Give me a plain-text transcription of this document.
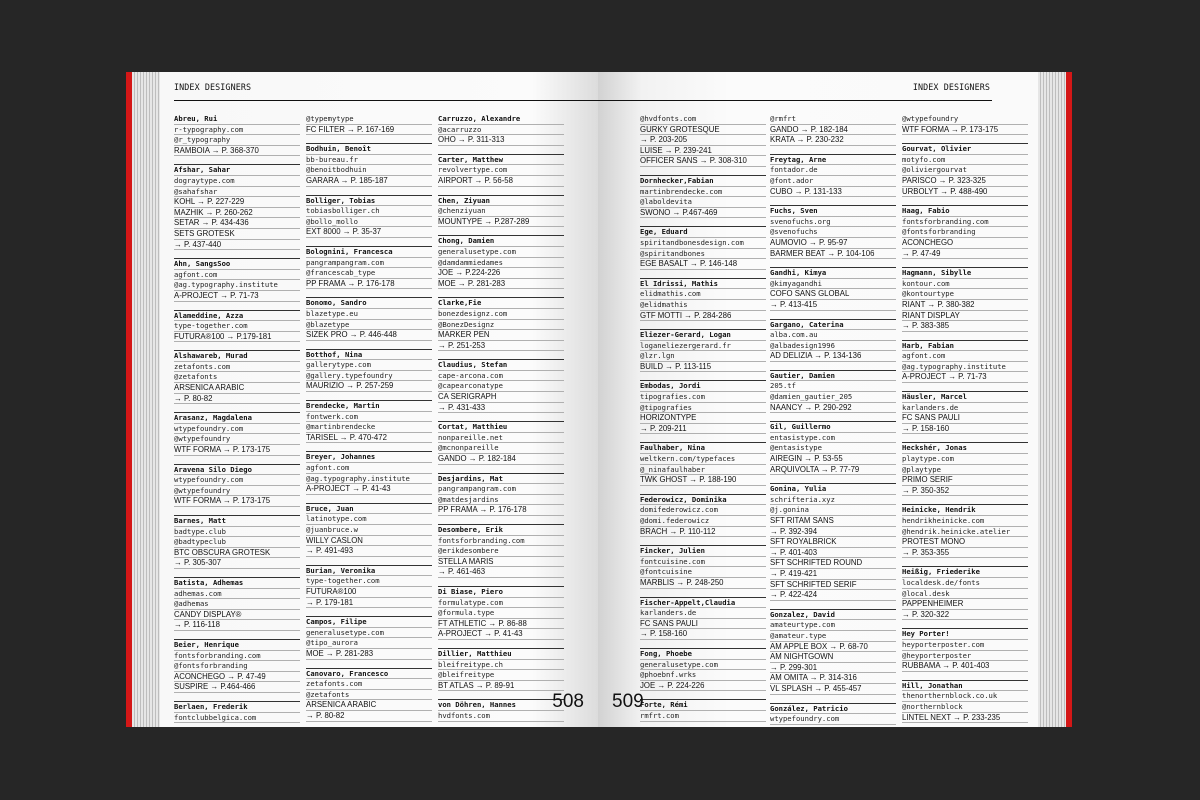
INDEX DESIGNERS
Abreu, Rui
r-typography.com
@r_typography
RAMBOIA → P. 368-370
Afshar, Sahar
dograytype.com
@sahafshar
KOHL → P. 227-229
MAZHIK → P. 260-262
SETAR → P. 434-436
SETS GROTESK
→ P. 437-440
Ahn, SangsSoo
agfont.com
@ag.typography.institute
A-PROJECT → P. 71-73
Alameddine, Azza
type-together.com
FUTURA®100 → P.179-181
Alshawareb, Murad
zetafonts.com
@zetafonts
ARSENICA ARABIC
→ P. 80-82
Arasanz, Magdalena
wtypefoundry.com
@wtypefoundry
WTF FORMA → P. 173-175
Aravena Silo Diego
wtypefoundry.com
@wtypefoundry
WTF FORMA → P. 173-175
Barnes, Matt
badtype.club
@badtypeclub
BTC OBSCURA GROTESK
→ P. 305-307
Batista, Adhemas
adhemas.com
@adhemas
CANDY DISPLAY®
→ P. 116-118
Beier, Henrique
fontsforbranding.com
@fontsforbranding
ACONCHEGO → P. 47-49
SUSPIRE → P.464-466
Berlaen, Frederik
fontclubbelgica.com
@typemytype
FC FILTER → P. 167-169
Bodhuin, Benoît
bb-bureau.fr
@benoitbodhuin
GARARA → P. 185-187
Bolliger, Tobias
tobiasbolliger.ch
@bollo_mollo
EXT 8000 → P. 35-37
Bolognini, Francesca
pangrampangram.com
@francescab_type
PP FRAMA → P. 176-178
Bonomo, Sandro
blazetype.eu
@blazetype
SIZEK PRO → P. 446-448
Botthof, Nina
gallerytype.com
@gallery.typefoundry
MAURIZIO → P. 257-259
Brendecke, Martin
fontwerk.com
@martinbrendecke
TARISEL → P. 470-472
Breyer, Johannes
agfont.com
@ag.typography.institute
A-PROJECT → P. 41-43
Bruce, Juan
latinotype.com
@juanbruce.w
WILLY CASLON
→ P. 491-493
Burian, Veronika
type-together.com
FUTURA®100
→ P. 179-181
Campos, Filipe
generalusetype.com
@tipo_aurora
MOE → P. 281-283
Canovaro, Francesco
zetafonts.com
@zetafonts
ARSENICA ARABIC
→ P. 80-82
Carruzzo, Alexandre
@acarruzzo
OHO → P. 311-313
Carter, Matthew
revolvertype.com
AIRPORT → P. 56-58
Chen, Ziyuan
@chenziyuan
MOUNTYPE → P.287-289
Chong, Damien
generalusetype.com
@damdammiedames
JOE → P.224-226
MOE → P. 281-283
Clarke,Fie
bonezdesignz.com
@BonezDesignz
MARKER PEN
→ P. 251-253
Claudius, Stefan
cape-arcona.com
@capearconatype
CA SERIGRAPH
→ P. 431-433
Cortat, Matthieu
nonpareille.net
@mcnonpareille
GANDO → P. 182-184
Desjardins, Mat
pangrampangram.com
@matdesjardins
PP FRAMA → P. 176-178
Desombere, Erik
fontsforbranding.com
@erikdesombere
STELLA MARIS
→ P. 461-463
Di Biase, Piero
formulatype.com
@formula.type
FT ATHLETIC → P. 86-88
A-PROJECT → P. 41-43
Dillier, Matthieu
bleifreitype.ch
@bleifreitype
BT ATLAS → P. 89-91
von Döhren, Hannes
hvdfonts.com
508
INDEX DESIGNERS
@hvdfonts.com
GURKY GROTESQUE
→ P. 203-205
LUISE → P. 239-241
OFFICER SANS → P. 308-310
Dornhecker,Fabian
martinbrendecke.com
@laboldevita
SWONO → P.467-469
Ege, Eduard
spiritandbonesdesign.com
@spiritandbones
EGE BASALT → P. 146-148
El Idrissi, Mathis
elidmathis.com
@elidmathis
GTF MOTTI → P. 284-286
Eliezer-Gerard, Logan
loganeliezergerard.fr
@lzr.lgn
BUILD → P. 113-115
Embodas, Jordi
tipografies.com
@tipografies
HORIZONTYPE
→ P. 209-211
Faulhaber, Nina
weltkern.com/typefaces
@_ninafaulhaber
TWK GHOST → P. 188-190
Federowicz, Dominika
domifederowicz.com
@domi.federowicz
BRACH → P. 110-112
Fincker, Julien
fontcuisine.com
@fontcuisine
MARBLIS → P. 248-250
Fischer-Appelt,Claudia
karlanders.de
FC SANS PAULI
→ P. 158-160
Fong, Phoebe
generalusetype.com
@phoebnf.wrks
JOE → P. 224-226
Forte, Rémi
rmfrt.com
@rmfrt
GANDO → P. 182-184
KRATA → P. 230-232
Freytag, Arne
fontador.de
@font.ador
CUBO → P. 131-133
Fuchs, Sven
svenofuchs.org
@svenofuchs
AUMOVIO → P. 95-97
BARMER BEAT → P. 104-106
Gandhi, Kimya
@kimyagandhi
COFO SANS GLOBAL
→ P. 413-415
Gargano, Caterina
alba.com.au
@albadesign1996
AD DELIZIA → P. 134-136
Gautier, Damien
205.tf
@damien_gautier_205
NAANCY → P. 290-292
Gil, Guillermo
entasistype.com
@entasistype
AIREGIN → P. 53-55
ARQUIVOLTA → P. 77-79
Gonina, Yulia
schrifteria.xyz
@j.gonina
SFT RITAM SANS
→ P. 392-394
SFT ROYALBRICK
→ P. 401-403
SFT SCHRIFTED ROUND
→ P. 419-421
SFT SCHRIFTED SERIF
→ P. 422-424
Gonzalez, David
amateurtype.com
@amateur.type
AM APPLE BOX → P. 68-70
AM NIGHTGOWN
→ P. 299-301
AM OMITA → P. 314-316
VL SPLASH → P. 455-457
González, Patricio
wtypefoundry.com
@wtypefoundry
WTF FORMA → P. 173-175
Gourvat, Olivier
motyfo.com
@oliviergourvat
PARISCO → P. 323-325
URBOLYT → P. 488-490
Haag, Fabio
fontsforbranding.com
@fontsforbranding
ACONCHEGO
→ P. 47-49
Hagmann, Sibylle
kontour.com
@kontourtype
RIANT → P. 380-382
RIANT DISPLAY
→ P. 383-385
Harb, Fabian
agfont.com
@ag.typography.institute
A-PROJECT → P. 71-73
Häusler, Marcel
karlanders.de
FC SANS PAULI
→ P. 158-160
Heckshér, Jonas
playtype.com
@playtype
PRIMO SERIF
→ P. 350-352
Heinicke, Hendrik
hendrikheinicke.com
@hendrik.heinicke.atelier
PROTEST MONO
→ P. 353-355
Heißig, Friederike
localdesk.de/fonts
@local.desk
PAPPENHEIMER
→ P. 320-322
Hey Porter!
heyporterposter.com
@heyporterposter
RUBBAMA → P. 401-403
Hill, Jonathan
thenorthernblock.co.uk
@northernblock
LINTEL NEXT → P. 233-235
509
